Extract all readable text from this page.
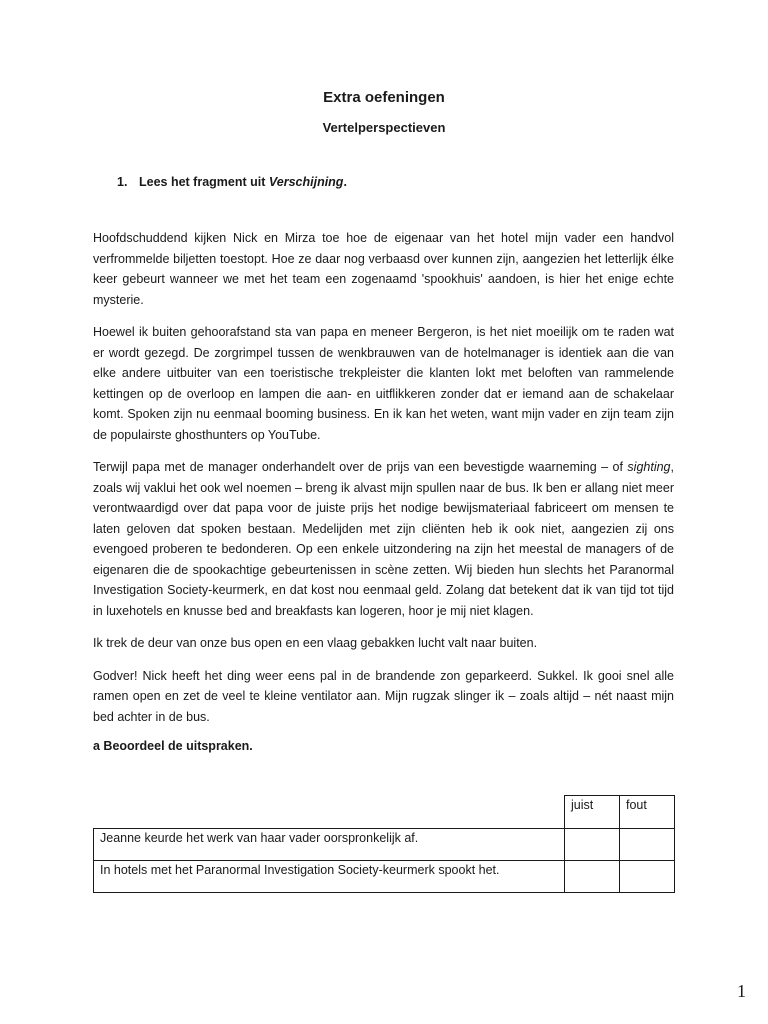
Extra oefeningen
Vertelperspectieven
1. Lees het fragment uit Verschijning.

Hoofdschuddend kijken Nick en Mirza toe hoe de eigenaar van het hotel mijn vader een handvol verfrommelde biljetten toestopt. Hoe ze daar nog verbaasd over kunnen zijn, aangezien het letterlijk élke keer gebeurt wanneer we met het team een zogenaamd 'spookhuis' aandoen, is hier het enige echte mysterie.

Hoewel ik buiten gehoorafstand sta van papa en meneer Bergeron, is het niet moeilijk om te raden wat er wordt gezegd. De zorgrimpel tussen de wenkbrauwen van de hotelmanager is identiek aan die van elke andere uitbuiter van een toeristische trekpleister die klanten lokt met beloften van rammelende kettingen op de overloop en lampen die aan- en uitflikkeren zonder dat er iemand aan de schakelaar komt. Spoken zijn nu eenmaal booming business. En ik kan het weten, want mijn vader en zijn team zijn de populairste ghosthunters op YouTube.

Terwijl papa met de manager onderhandelt over de prijs van een bevestigde waarneming – of sighting, zoals wij vaklui het ook wel noemen – breng ik alvast mijn spullen naar de bus. Ik ben er allang niet meer verontwaardigd over dat papa voor de juiste prijs het nodige bewijsmateriaal fabriceert om mensen te laten geloven dat spoken bestaan. Medelijden met zijn cliënten heb ik ook niet, aangezien zij ons evengoed proberen te bedonderen. Op een enkele uitzondering na zijn het meestal de managers of de eigenaren die de spookachtige gebeurtenissen in scène zetten. Wij bieden hun slechts het Paranormal Investigation Society-keurmerk, en dat kost nou eenmaal geld. Zolang dat betekent dat ik van tijd tot tijd in luxehotels en knusse bed and breakfasts kan logeren, hoor je mij niet klagen.

Ik trek de deur van onze bus open en een vlaag gebakken lucht valt naar buiten.

Godver! Nick heeft het ding weer eens pal in de brandende zon geparkeerd. Sukkel. Ik gooi snel alle ramen open en zet de veel te kleine ventilator aan. Mijn rugzak slinger ik – zoals altijd – nét naast mijn bed achter in de bus.

a Beoordeel de uitspraken.
	juist	fout
Jeanne keurde het werk van haar vader oorspronkelijk af.		
In hotels met het Paranormal Investigation Society-keurmerk spookt het.		
1
